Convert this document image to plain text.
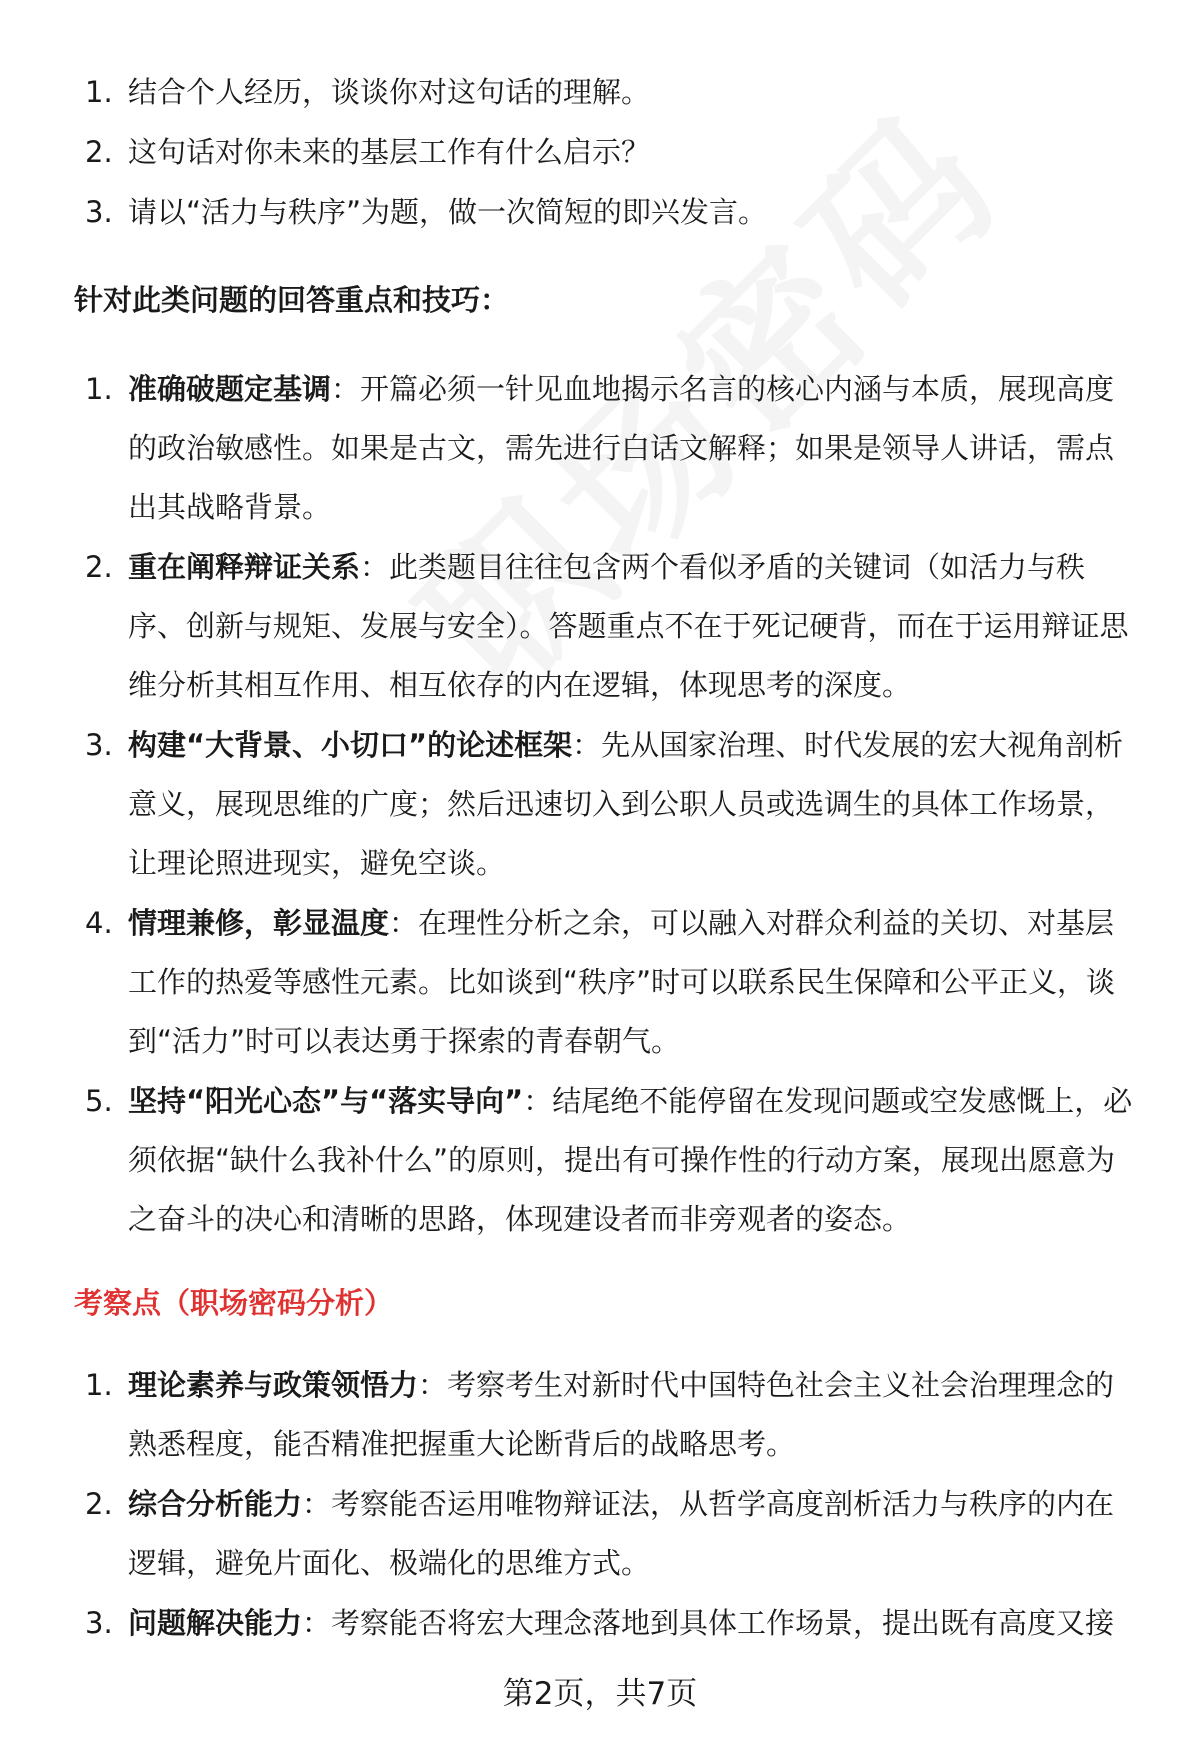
1. 结合个人经历，谈谈你对这句话的理解。
2. 这句话对你未来的基层工作有什么启示？
3. 请以“活力与秩序”为题，做一次简短的即兴发言。
针对此类问题的回答重点和技巧：
1. 准确破题定基调：开篇必须一针见血地揭示名言的核心内涵与本质，展现高度的政治敏感性。如果是古文，需先进行白话文解释；如果是领导人讲话，需点出其战略背景。
2. 重在阐释辩证关系：此类题目往往包含两个看似矛盾的关键词（如活力与秩序、创新与规矩、发展与安全）。答题重点不在于死记硬背，而在于运用辩证思维分析其相互作用、相互依存的内在逻辑，体现思考的深度。
3. 构建“大背景、小切口”的论述框架：先从国家治理、时代发展的宏大视角剖析意义，展现思维的广度；然后迅速切入到公职人员或选调生的具体工作场景，让理论照进现实，避免空谈。
4. 情理兼修，彰显温度：在理性分析之余，可以融入对群众利益的关切、对基层工作的热爱等感性元素。比如谈到“秩序”时可以联系民生保障和公平正义，谈到“活力”时可以表达勇于探索的青春朝气。
5. 坚持“阳光心态”与“落实导向”：结尾绝不能停留在发现问题或空发感慨上，必须依据“缺什么我补什么”的原则，提出有可操作性的行动方案，展现出愿意为之奋斗的决心和清晰的思路，体现建设者而非旁观者的姿态。
考察点（职场密码分析）
1. 理论素养与政策领悟力：考察考生对新时代中国特色社会主义社会治理理念的熟悉程度，能否精准把握重大论断背后的战略思考。
2. 综合分析能力：考察能否运用唯物辩证法，从哲学高度剖析活力与秩序的内在逻辑，避免片面化、极端化的思维方式。
3. 问题解决能力：考察能否将宏大理念落地到具体工作场景，提出既有高度又接
第2页，共7页
